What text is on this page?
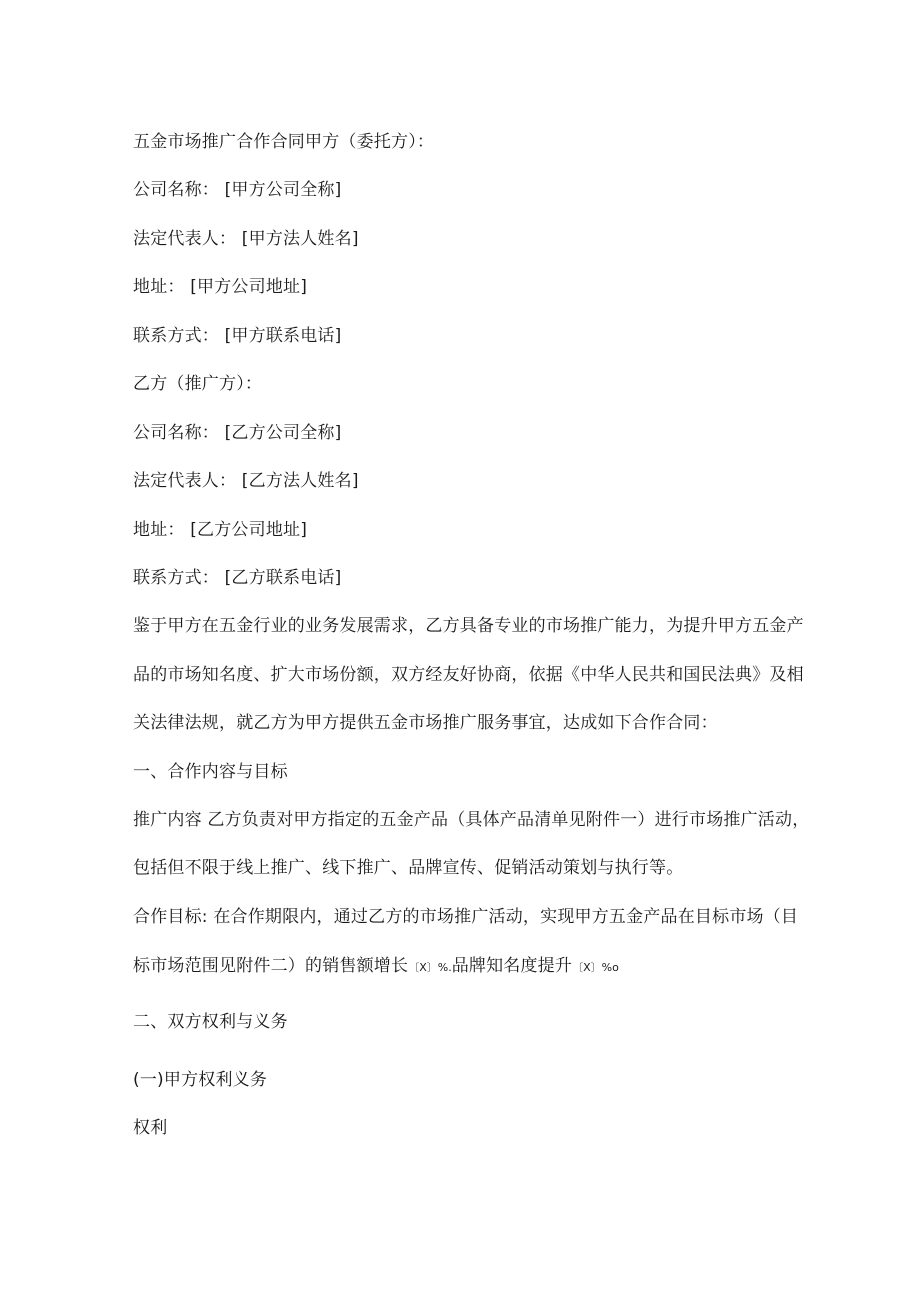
五金市场推广合作合同甲方（委托方）：
公司名称： [甲方公司全称]
法定代表人： [甲方法人姓名]
地址： [甲方公司地址]
联系方式： [甲方联系电话]
乙方（推广方）：
公司名称： [乙方公司全称]
法定代表人： [乙方法人姓名]
地址： [乙方公司地址]
联系方式： [乙方联系电话]
鉴于甲方在五金行业的业务发展需求，乙方具备专业的市场推广能力，为提升甲方五金产
品的市场知名度、扩大市场份额，双方经友好协商，依据《中华人民共和国民法典》及相
关法律法规，就乙方为甲方提供五金市场推广服务事宜，达成如下合作合同：
一、合作内容与目标
推广内容 乙方负责对甲方指定的五金产品（具体产品清单见附件一）进行市场推广活动，
包括但不限于线上推广、线下推广、品牌宣传、促销活动策划与执行等。
合作目标: 在合作期限内，通过乙方的市场推广活动，实现甲方五金产品在目标市场（目
标市场范围见附件二）的销售额增长〔X〕%.品牌知名度提升〔X〕%o
二、双方权利与义务
(一)甲方权利义务
权利
